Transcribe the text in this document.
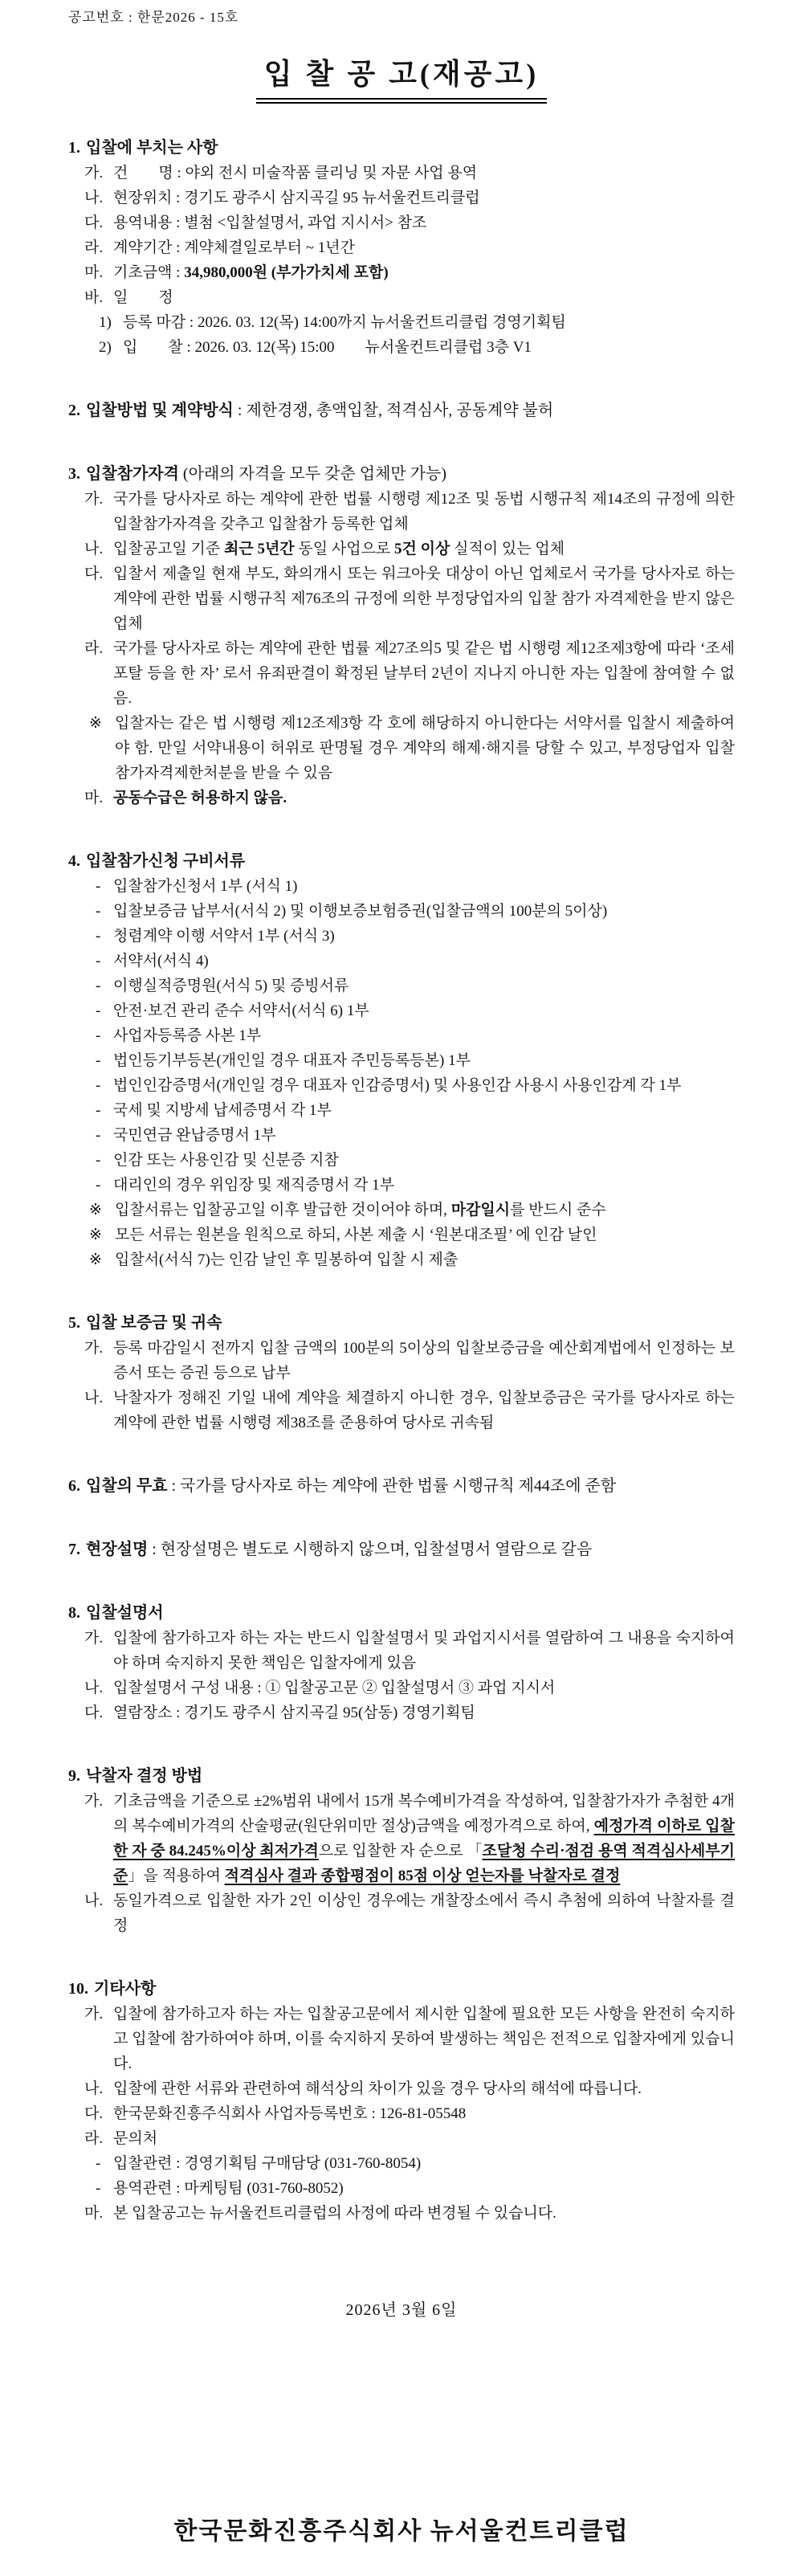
공고번호 : 한문2026 - 15호
입 찰 공 고(재공고)
1. 입찰에 부치는 사항
가. 건　　명 : 야외 전시 미술작품 클리닝 및 자문 사업 용역
나. 현장위치 : 경기도 광주시 삼지곡길 95 뉴서울컨트리클럽
다. 용역내용 : 별첨 <입찰설명서, 과업 지시서> 참조
라. 계약기간 : 계약체결일로부터 ~ 1년간
마. 기초금액 : 34,980,000원 (부가가치세 포함)
바. 일　　정
1) 등록 마감 : 2026. 03. 12(목) 14:00까지 뉴서울컨트리클럽 경영기획팀
2) 입　　찰 : 2026. 03. 12(목) 15:00　　뉴서울컨트리클럽 3층 V1
2. 입찰방법 및 계약방식 : 제한경쟁, 총액입찰, 적격심사, 공동계약 불허
3. 입찰참가자격 (아래의 자격을 모두 갖춘 업체만 가능)
가. 국가를 당사자로 하는 계약에 관한 법률 시행령 제12조 및 동법 시행규칙 제14조의 규정에 의한 입찰참가자격을 갖추고 입찰참가 등록한 업체
나. 입찰공고일 기준 최근 5년간 동일 사업으로 5건 이상 실적이 있는 업체
다. 입찰서 제출일 현재 부도, 화의개시 또는 워크아웃 대상이 아닌 업체로서 국가를 당사자로 하는 계약에 관한 법률 시행규칙 제76조의 규정에 의한 부정당업자의 입찰 참가 자격제한을 받지 않은 업체
라. 국가를 당사자로 하는 계약에 관한 법률 제27조의5 및 같은 법 시행령 제12조제3항에 따라 ‘조세포탈 등을 한 자’ 로서 유죄판결이 확정된 날부터 2년이 지나지 아니한 자는 입찰에 참여할 수 없음.
※ 입찰자는 같은 법 시행령 제12조제3항 각 호에 해당하지 아니한다는 서약서를 입찰시 제출하여야 함. 만일 서약내용이 허위로 판명될 경우 계약의 해제·해지를 당할 수 있고, 부정당업자 입찰참가자격제한처분을 받을 수 있음
마. 공동수급은 허용하지 않음.
4. 입찰참가신청 구비서류
- 입찰참가신청서 1부 (서식 1)
- 입찰보증금 납부서(서식 2) 및 이행보증보험증권(입찰금액의 100분의 5이상)
- 청렴계약 이행 서약서 1부 (서식 3)
- 서약서(서식 4)
- 이행실적증명원(서식 5) 및 증빙서류
- 안전·보건 관리 준수 서약서(서식 6) 1부
- 사업자등록증 사본 1부
- 법인등기부등본(개인일 경우 대표자 주민등록등본) 1부
- 법인인감증명서(개인일 경우 대표자 인감증명서) 및 사용인감 사용시 사용인감계 각 1부
- 국세 및 지방세 납세증명서 각 1부
- 국민연금 완납증명서 1부
- 인감 또는 사용인감 및 신분증 지참
- 대리인의 경우 위임장 및 재직증명서 각 1부
※ 입찰서류는 입찰공고일 이후 발급한 것이어야 하며, 마감일시를 반드시 준수
※ 모든 서류는 원본을 원칙으로 하되, 사본 제출 시 ‘원본대조필’ 에 인감 날인
※ 입찰서(서식 7)는 인감 날인 후 밀봉하여 입찰 시 제출
5. 입찰 보증금 및 귀속
가. 등록 마감일시 전까지 입찰 금액의 100분의 5이상의 입찰보증금을 예산회계법에서 인정하는 보증서 또는 증권 등으로 납부
나. 낙찰자가 정해진 기일 내에 계약을 체결하지 아니한 경우, 입찰보증금은 국가를 당사자로 하는 계약에 관한 법률 시행령 제38조를 준용하여 당사로 귀속됨
6. 입찰의 무효 : 국가를 당사자로 하는 계약에 관한 법률 시행규칙 제44조에 준함
7. 현장설명 : 현장설명은 별도로 시행하지 않으며, 입찰설명서 열람으로 갈음
8. 입찰설명서
가. 입찰에 참가하고자 하는 자는 반드시 입찰설명서 및 과업지시서를 열람하여 그 내용을 숙지하여야 하며 숙지하지 못한 책임은 입찰자에게 있음
나. 입찰설명서 구성 내용 : ① 입찰공고문 ② 입찰설명서 ③ 과업 지시서
다. 열람장소 : 경기도 광주시 삼지곡길 95(삼동) 경영기획팀
9. 낙찰자 결정 방법
가. 기초금액을 기준으로 ±2%범위 내에서 15개 복수예비가격을 작성하여, 입찰참가자가 추첨한 4개의 복수예비가격의 산술평균(원단위미만 절상)금액을 예정가격으로 하여, 예정가격 이하로 입찰한 자 중 84.245%이상 최저가격으로 입찰한 자 순으로 「조달청 수리·점검 용역 적격심사세부기준」을 적용하여 적격심사 결과 종합평점이 85점 이상 얻는자를 낙찰자로 결정
나. 동일가격으로 입찰한 자가 2인 이상인 경우에는 개찰장소에서 즉시 추첨에 의하여 낙찰자를 결정
10. 기타사항
가. 입찰에 참가하고자 하는 자는 입찰공고문에서 제시한 입찰에 필요한 모든 사항을 완전히 숙지하고 입찰에 참가하여야 하며, 이를 숙지하지 못하여 발생하는 책임은 전적으로 입찰자에게 있습니다.
나. 입찰에 관한 서류와 관련하여 해석상의 차이가 있을 경우 당사의 해석에 따릅니다.
다. 한국문화진흥주식회사 사업자등록번호 : 126-81-05548
라. 문의처
- 입찰관련 : 경영기획팀 구매담당 (031-760-8054)
- 용역관련 : 마케팅팀 (031-760-8052)
마. 본 입찰공고는 뉴서울컨트리클럽의 사정에 따라 변경될 수 있습니다.
2026년 3월 6일
한국문화진흥주식회사 뉴서울컨트리클럽
